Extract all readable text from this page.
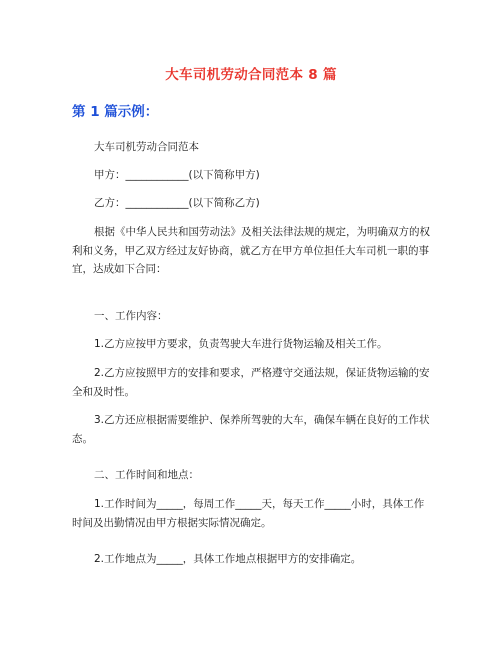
大车司机劳动合同范本 8 篇
第 1 篇示例：
大车司机劳动合同范本
甲方：____________(以下简称甲方)
乙方：____________(以下简称乙方)
根据《中华人民共和国劳动法》及相关法律法规的规定，为明确双方的权利和义务，甲乙双方经过友好协商，就乙方在甲方单位担任大车司机一职的事宜，达成如下合同：
一、工作内容：
1.乙方应按甲方要求，负责驾驶大车进行货物运输及相关工作。
2.乙方应按照甲方的安排和要求，严格遵守交通法规，保证货物运输的安全和及时性。
3.乙方还应根据需要维护、保养所驾驶的大车，确保车辆在良好的工作状态。
二、工作时间和地点：
1.工作时间为_____，每周工作_____天，每天工作_____小时，具体工作时间及出勤情况由甲方根据实际情况确定。
2.工作地点为_____，具体工作地点根据甲方的安排确定。
